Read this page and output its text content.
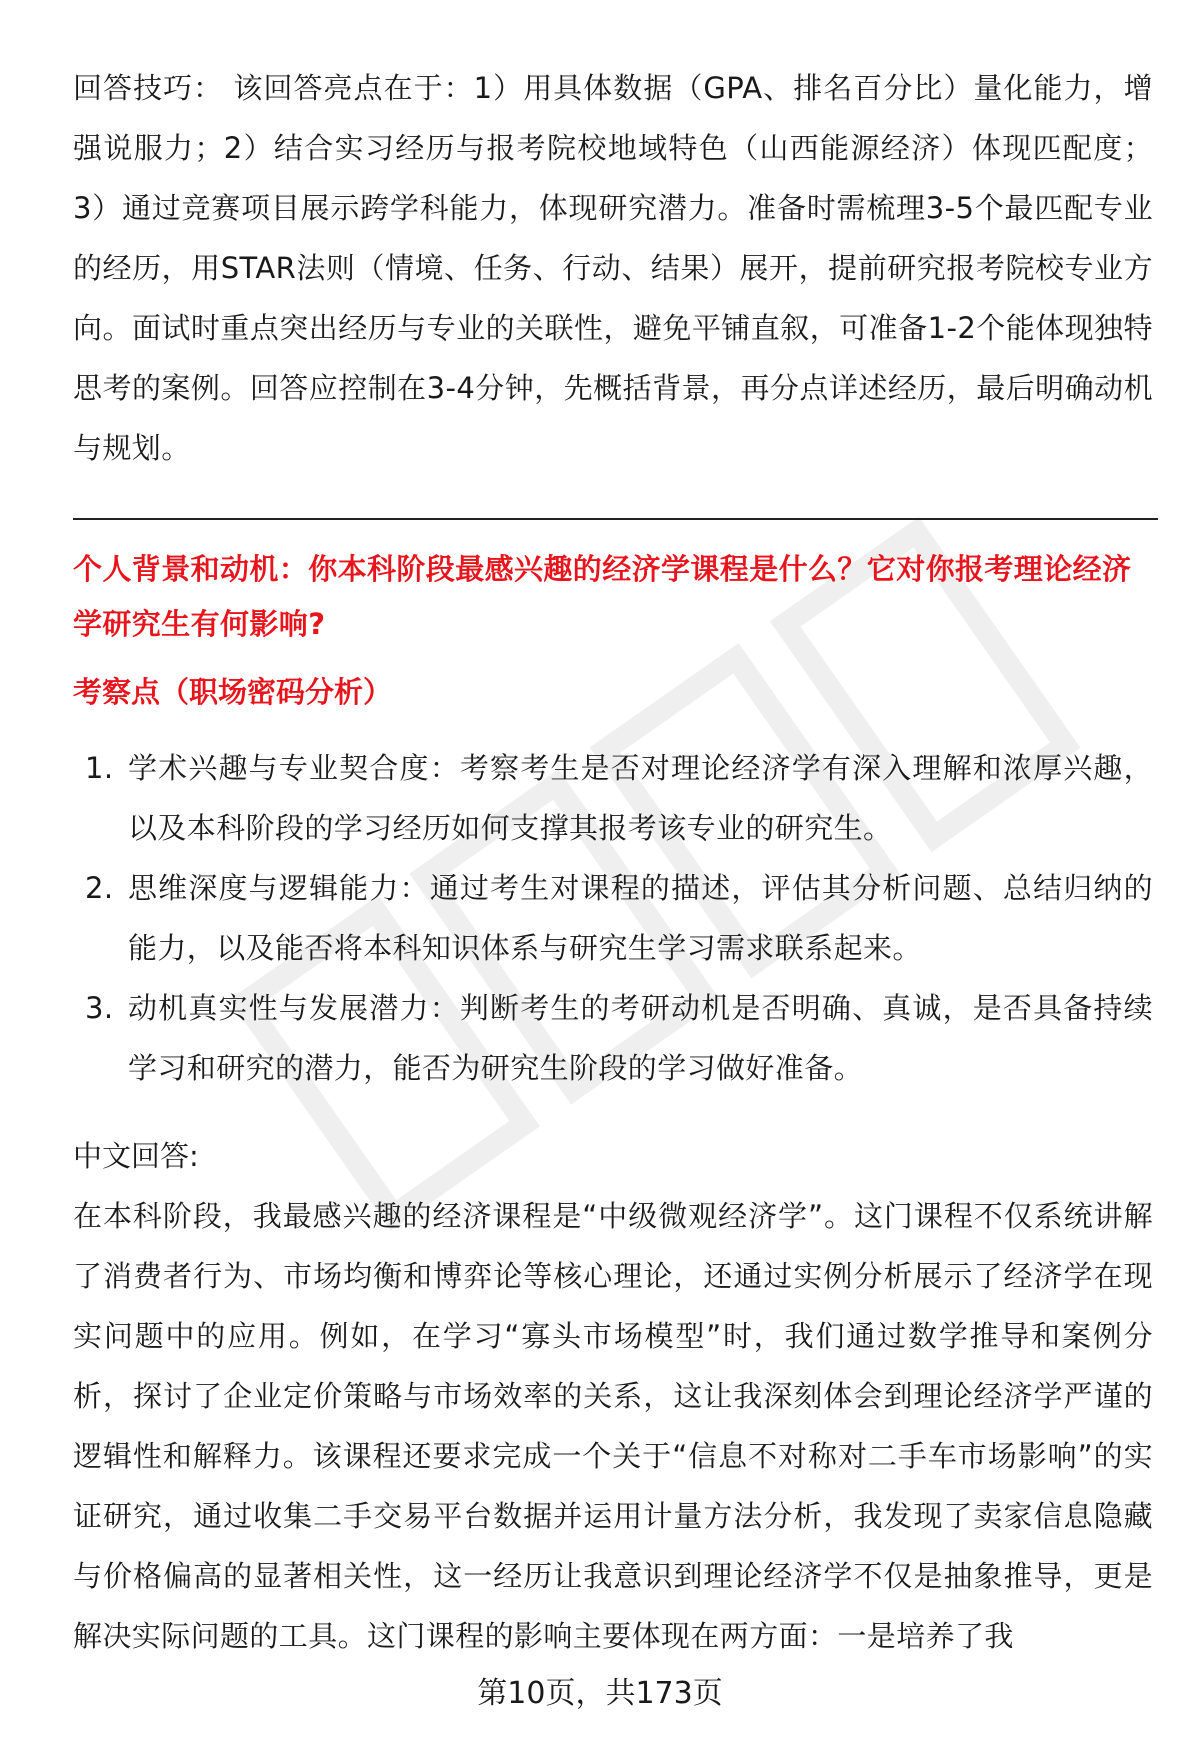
回答技巧： 该回答亮点在于：1）用具体数据（GPA、排名百分比）量化能力，增强说服力；2）结合实习经历与报考院校地域特色（山西能源经济）体现匹配度；3）通过竞赛项目展示跨学科能力，体现研究潜力。准备时需梳理3-5个最匹配专业的经历，用STAR法则（情境、任务、行动、结果）展开，提前研究报考院校专业方向。面试时重点突出经历与专业的关联性，避免平铺直叙，可准备1-2个能体现独特思考的案例。回答应控制在3-4分钟，先概括背景，再分点详述经历，最后明确动机与规划。

个人背景和动机：你本科阶段最感兴趣的经济学课程是什么？它对你报考理论经济学研究生有何影响?

考察点（职场密码分析）

1. 学术兴趣与专业契合度：考察考生是否对理论经济学有深入理解和浓厚兴趣，以及本科阶段的学习经历如何支撑其报考该专业的研究生。
2. 思维深度与逻辑能力：通过考生对课程的描述，评估其分析问题、总结归纳的能力，以及能否将本科知识体系与研究生学习需求联系起来。
3. 动机真实性与发展潜力：判断考生的考研动机是否明确、真诚，是否具备持续学习和研究的潜力，能否为研究生阶段的学习做好准备。

中文回答:

在本科阶段，我最感兴趣的经济课程是“中级微观经济学”。这门课程不仅系统讲解了消费者行为、市场均衡和博弈论等核心理论，还通过实例分析展示了经济学在现实问题中的应用。例如，在学习“寡头市场模型”时，我们通过数学推导和案例分析，探讨了企业定价策略与市场效率的关系，这让我深刻体会到理论经济学严谨的逻辑性和解释力。该课程还要求完成一个关于“信息不对称对二手车市场影响”的实证研究，通过收集二手交易平台数据并运用计量方法分析，我发现了卖家信息隐藏与价格偏高的显著相关性，这一经历让我意识到理论经济学不仅是抽象推导，更是解决实际问题的工具。这门课程的影响主要体现在两方面：一是培养了我

第10页，共173页
